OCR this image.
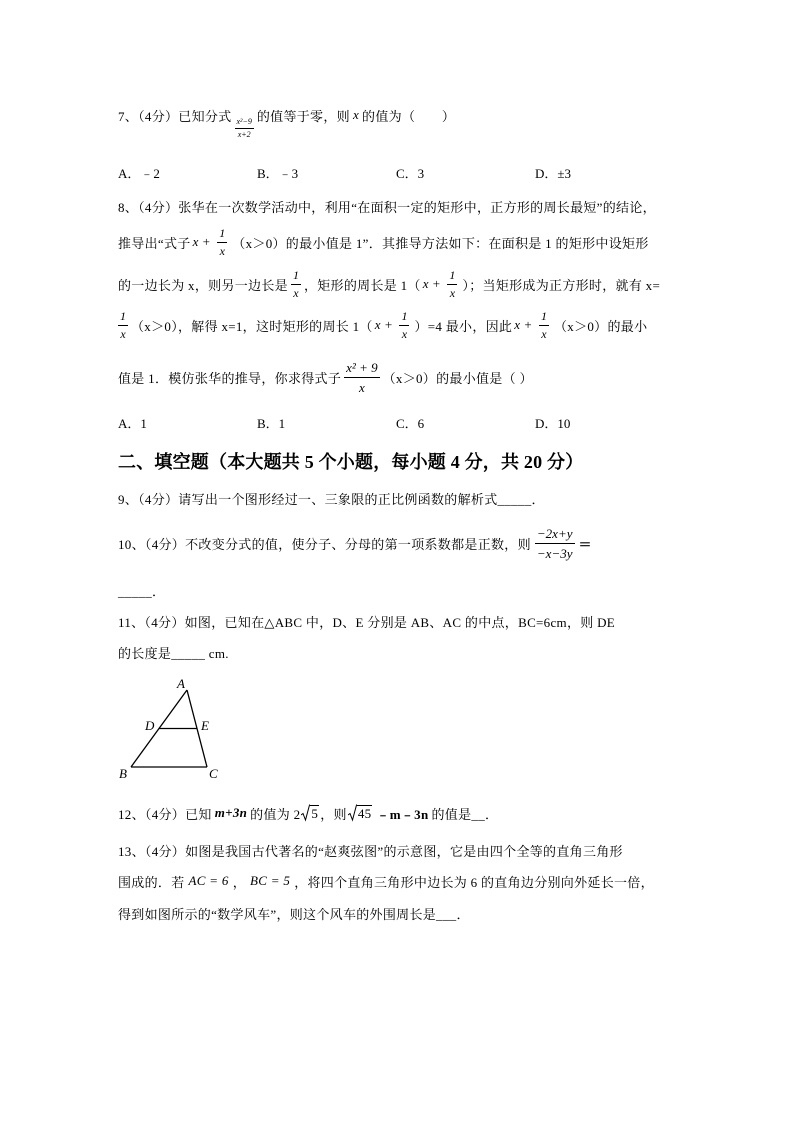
7、（4分）已知分式
$\frac{\text{x²−9}}{x+2}$
的值等于零，则 x 的值为（　　）
A．﹣2	B．﹣3	C．3	D．±3
8、（4分）张华在一次数学活动中，利用“在面积一定的矩形中，正方形的周长最短”的结论，
推导出“式子 $x + \frac{1}{x} (x>0)$的最小值是 1”．其推导方法如下：在面积是 1 的矩形中设矩形
的一边长为 x，则另一边长是 $\frac{1}{x}$ ，矩形的周长是 1（ $x + \frac{1}{x}$ ）；当矩形成为正方形时，就有 x=
$\frac{1}{x} (x>0)$，解得 x=1，这时矩形的周长 1（ $x + \frac{1}{x} )=4$ 最小，因此 $x + \frac{1}{x} (x>0)$的最小
值是 1．模仿张华的推导，你求得式子 $\frac{\text{x² + 9}}{x} (x>0)$的最小值是（ ）
A．1	B．1	C．6	D．10
二、填空题（本大题共 5 个小题，每小题 4 分，共 20 分）
9、（4分）请写出一个图形经过一、三象限的正比例函数的解析式_____．
10、（4分）不改变分式的值，使分子、分母的第一项系数都是正数，则 $\frac{-2x+y}{-x-3y}$ ＝
_____．
11、（4分）如图，已知在△ABC 中，D、E 分别是 AB、AC 的中点，BC=6cm，则 DE
的长度是_____ cm.
A
D	E
B	C
12、（4分）已知 m+3n 的值为 2 5 ，则 45 ﹣m﹣3n 的值是__．
13、（4分）如图是我国古代著名的“赵爽弦图”的示意图，它是由四个全等的直角三角形
围成的．若 AC = 6 ， BC = 5 ，将四个直角三角形中边长为 6 的直角边分别向外延长一倍，
得到如图所示的“数学风车”，则这个风车的外围周长是___．
